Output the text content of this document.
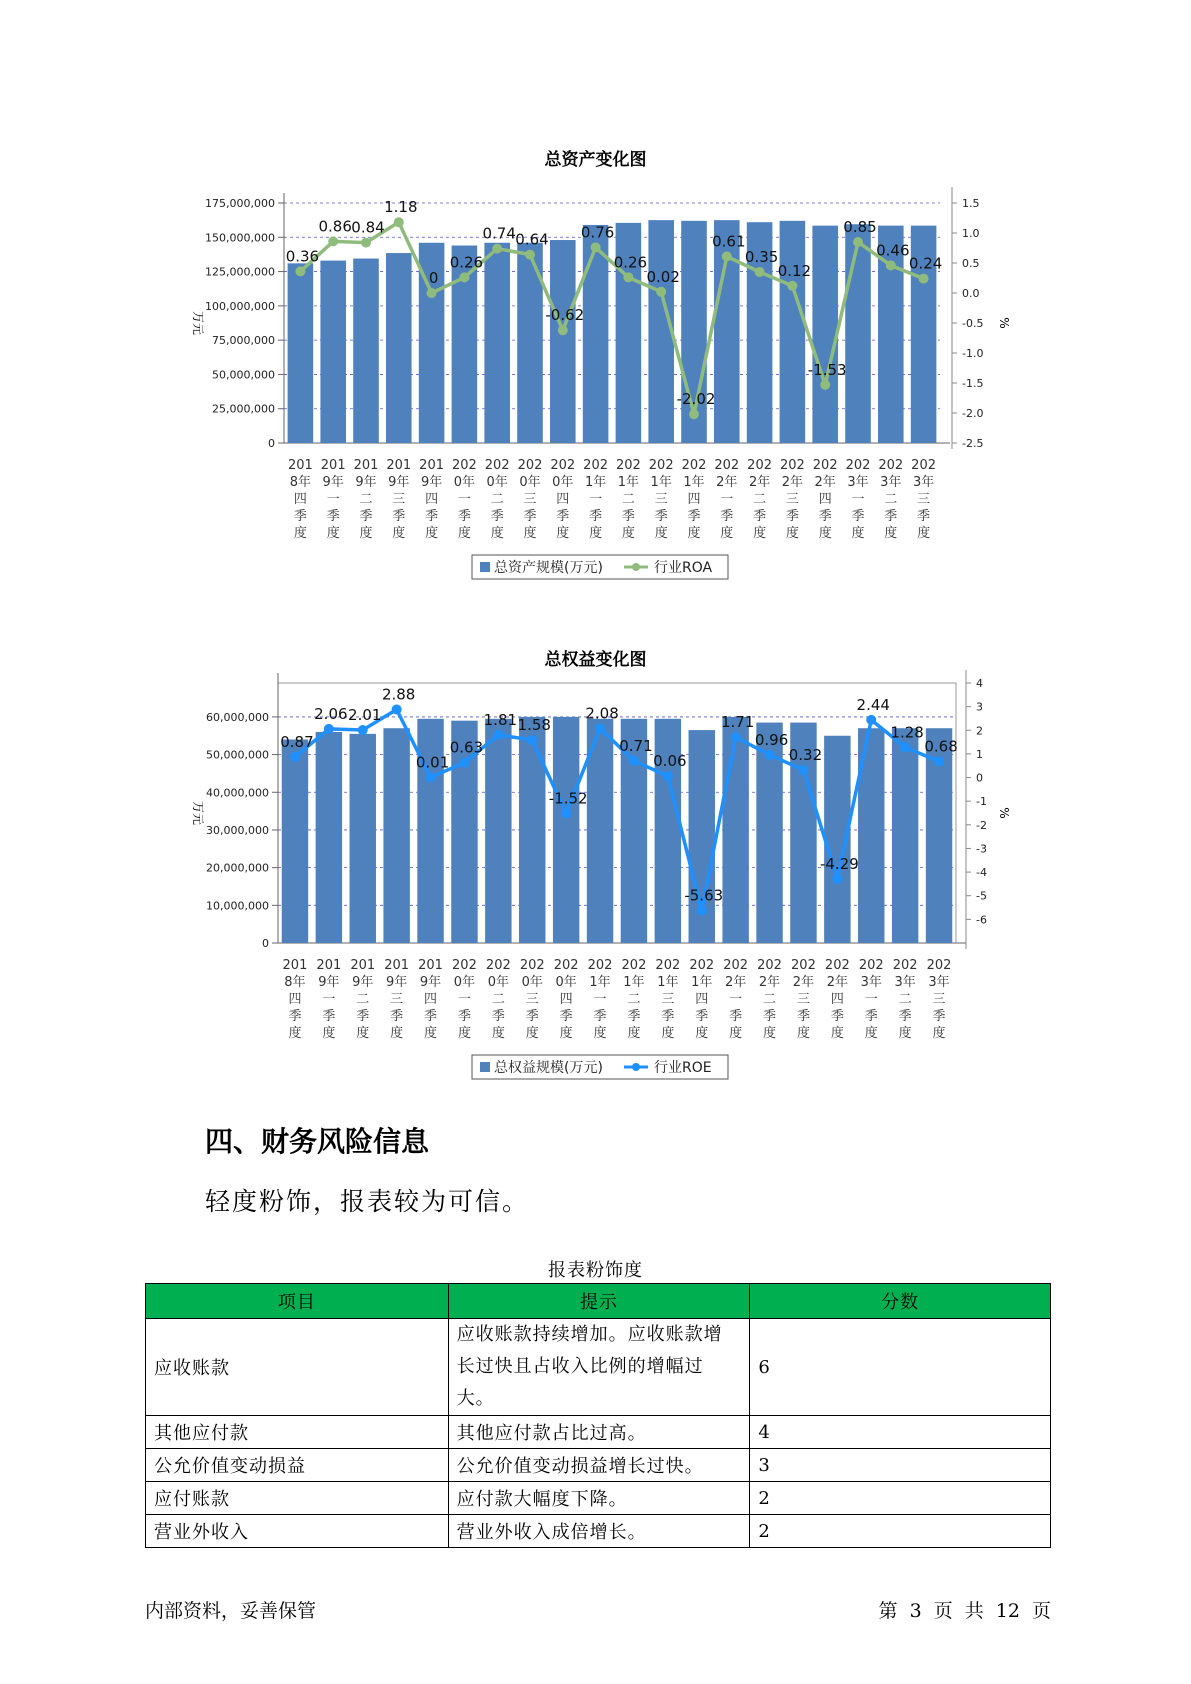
总资产变化图
175,000,000
150,000,000
125,000,000
100,000,000
75,000,000
50,000,000
25,000,000
0
万元
1.5
1.0
0.5
0.0
-0.5
-1.0
-1.5
-2.0
-2.5
%
0.36
0.86 0.84
1.18
0
0.26
0.74 0.64
-0.62
0.76
0.26
0.02
-2.02
0.61
0.35
0.12
-1.53
0.85
0.46
0.24
201
8年
四
季
度
201
9年
一
季
度
201
9年
二
季
度
201
9年
三
季
度
201
9年
四
季
度
202
0年
一
季
度
202
0年
二
季
度
202
0年
三
季
度
202
0年
四
季
度
202
1年
一
季
度
202
1年
二
季
度
202
1年
三
季
度
202
1年
四
季
度
202
2年
一
季
度
202
2年
二
季
度
202
2年
三
季
度
202
2年
四
季
度
202
3年
一
季
度
202
3年
二
季
度
202
3年
三
季
度
总资产规模(万元)	行业ROA
总权益变化图
60,000,000
50,000,000
40,000,000
30,000,000
20,000,000
10,000,000
0
万元
4
3
2
1
0
-1
-2
-3
-4
-5
-6
%
0.87
2.06 2.01
2.88
0.01
0.63
1.81 1.58
-1.52
2.08
0.71
0.06
-5.63
1.71
0.96
0.32
-4.29
2.44
1.28
0.68
201
8年
四
季
度
201
9年
一
季
度
201
9年
二
季
度
201
9年
三
季
度
201
9年
四
季
度
202
0年
一
季
度
202
0年
二
季
度
202
0年
三
季
度
202
0年
四
季
度
202
1年
一
季
度
202
1年
二
季
度
202
1年
三
季
度
202
1年
四
季
度
202
2年
一
季
度
202
2年
二
季
度
202
2年
三
季
度
202
2年
四
季
度
202
3年
一
季
度
202
3年
二
季
度
202
3年
三
季
度
总权益规模(万元)	行业ROE
四、财务风险信息
轻度粉饰，报表较为可信。
报表粉饰度
项目	提示	分数
应收账款	应收账款持续增加。应收账款增长过快且占收入比例的增幅过大。	6
其他应付款	其他应付款占比过高。	4
公允价值变动损益	公允价值变动损益增长过快。	3
应付账款	应付款大幅度下降。	2
营业外收入	营业外收入成倍增长。	2
内部资料，妥善保管	第 3 页 共 12 页
